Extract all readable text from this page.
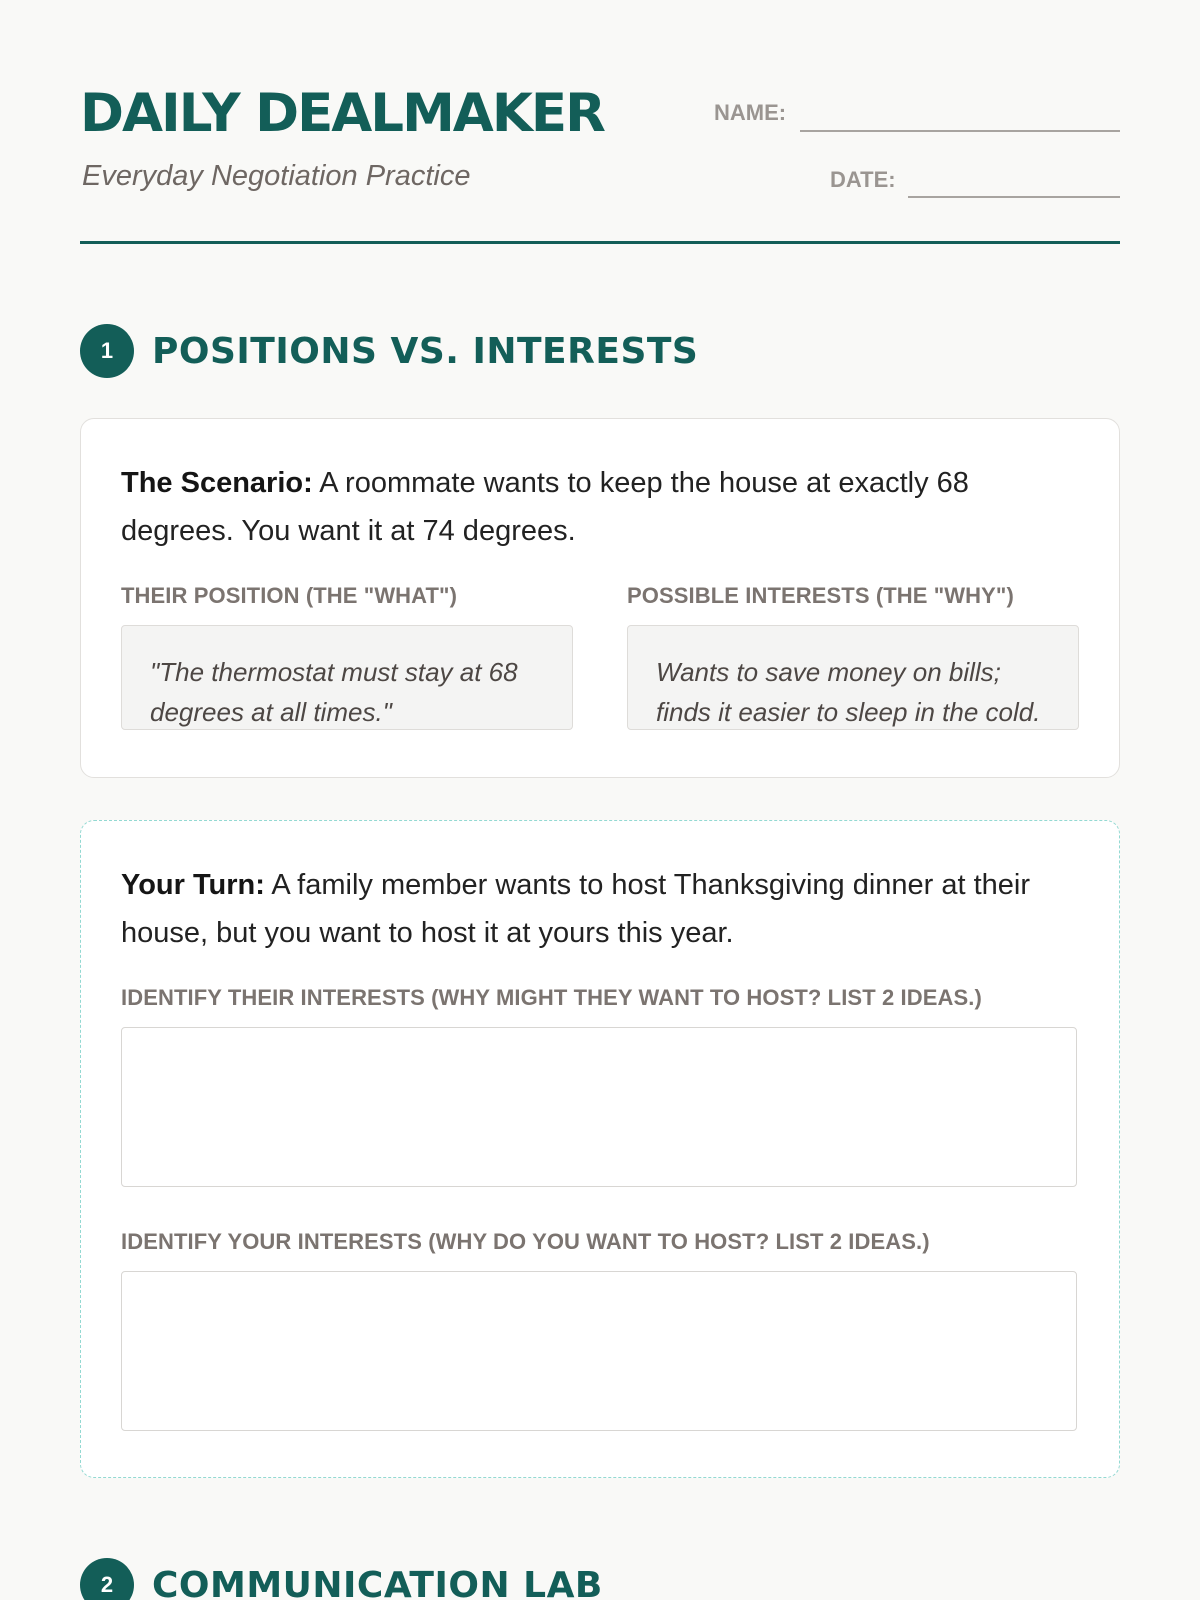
DAILY DEALMAKER
Everyday Negotiation Practice
NAME:
DATE:
1	POSITIONS VS. INTERESTS
The Scenario: A roommate wants to keep the house at exactly 68 degrees. You want it at 74 degrees.
THEIR POSITION (THE "WHAT")
"The thermostat must stay at 68 degrees at all times."
POSSIBLE INTERESTS (THE "WHY")
Wants to save money on bills; finds it easier to sleep in the cold.
Your Turn: A family member wants to host Thanksgiving dinner at their house, but you want to host it at yours this year.
IDENTIFY THEIR INTERESTS (WHY MIGHT THEY WANT TO HOST? LIST 2 IDEAS.)
IDENTIFY YOUR INTERESTS (WHY DO YOU WANT TO HOST? LIST 2 IDEAS.)
2	COMMUNICATION LAB
